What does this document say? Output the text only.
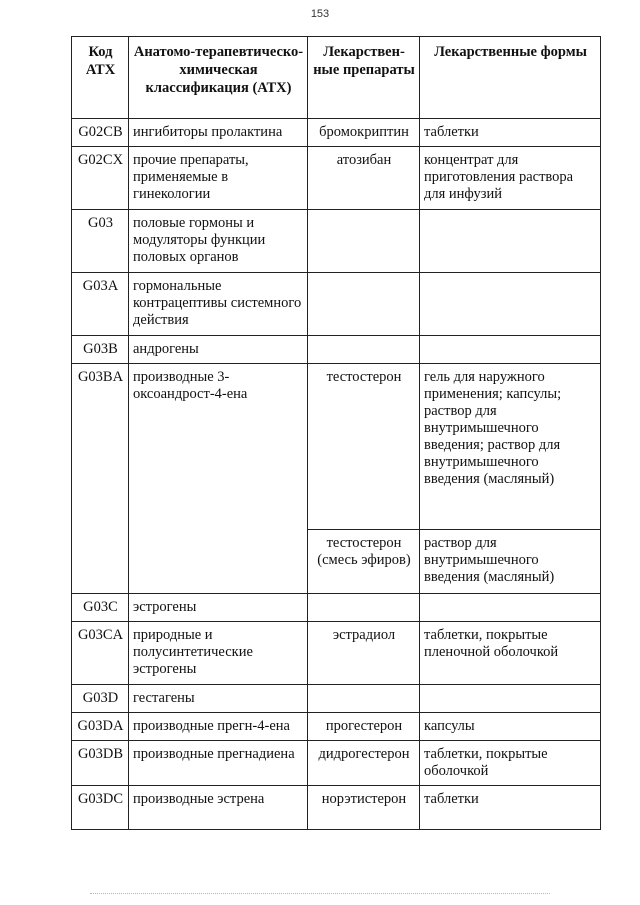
153
Код АТХ	Анатомо-терапевтическо-химическая классификация (АТХ)	Лекарствен-ные препараты	Лекарственные формы
G02CB	ингибиторы пролактина	бромокриптин	таблетки
G02CX	прочие препараты, применяемые в гинекологии	атозибан	концентрат для приготовления раствора для инфузий
G03	половые гормоны и модуляторы функции половых органов		
G03A	гормональные контрацептивы системного действия		
G03B	андрогены		
G03BA	производные 3-оксоандрост-4-ена	тестостерон	гель для наружного применения; капсулы; раствор для внутримышечного введения; раствор для внутримышечного введения (масляный)
		тестостерон (смесь эфиров)	раствор для внутримышечного введения (масляный)
G03C	эстрогены		
G03CA	природные и полусинтетические эстрогены	эстрадиол	таблетки, покрытые пленочной оболочкой
G03D	гестагены		
G03DA	производные прегн-4-ена	прогестерон	капсулы
G03DB	производные прегнадиена	дидрогестерон	таблетки, покрытые оболочкой
G03DC	производные эстрена	норэтистерон	таблетки
